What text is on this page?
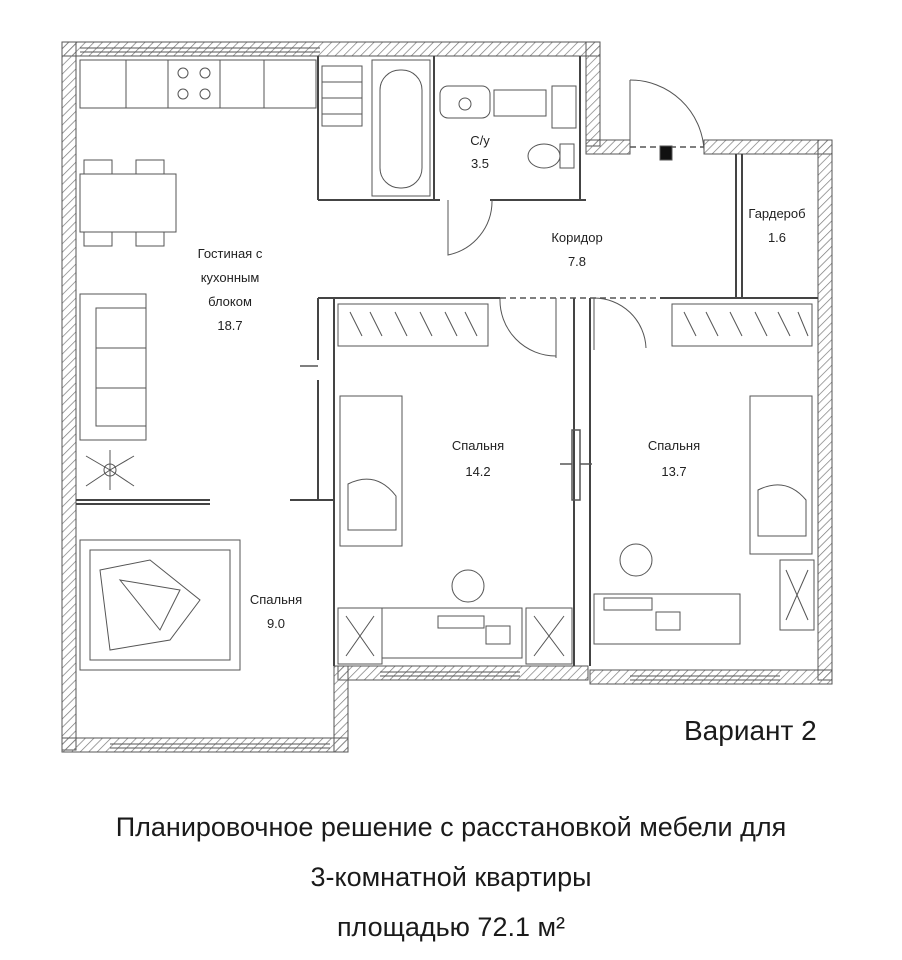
С/у
3.5
Коридор
7.8
Гардероб
1.6
Гостиная с
кухонным
блоком
18.7
Спальня
14.2
Спальня
13.7
Спальня
9.0
Вариант 2
Планировочное решение с расстановкой мебели для
3-комнатной квартиры
площадью 72.1 м²
